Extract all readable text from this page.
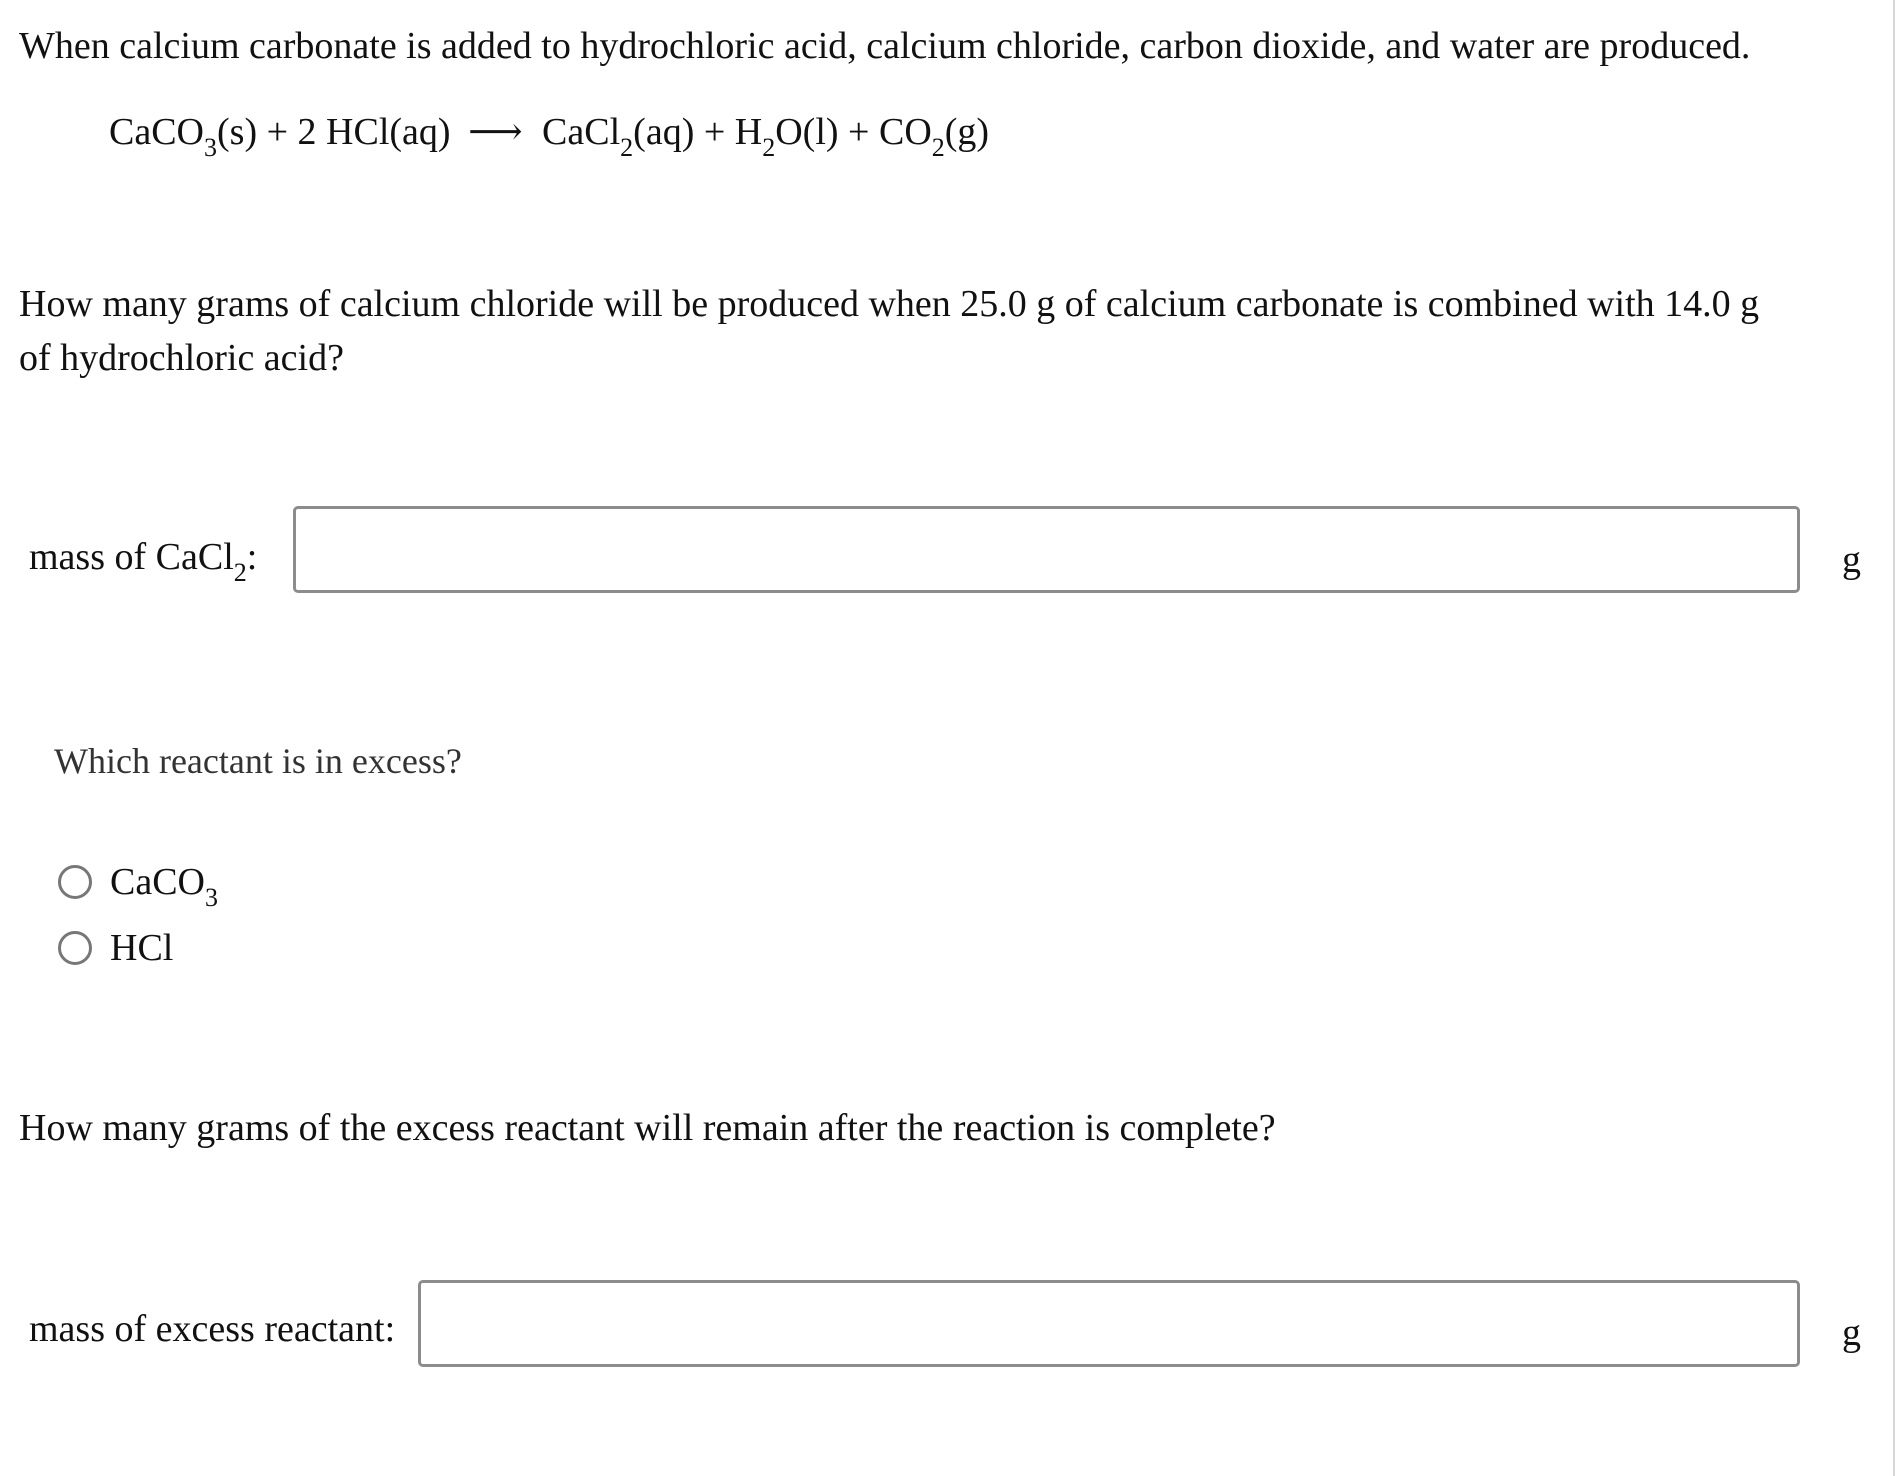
When calcium carbonate is added to hydrochloric acid, calcium chloride, carbon dioxide, and water are produced.

CaCO$_3$(s) + 2 HCl(aq) ⟶ CaCl$_2$(aq) + $H_2O(l) + CO_2(g)$

How many grams of calcium chloride will be produced when 25.0 g of calcium carbonate is combined with 14.0 g of hydrochloric acid?

mass of CaCl$_2$:	g

Which reactant is in excess?

CaCO$_3$
HCl

How many grams of the excess reactant will remain after the reaction is complete?

mass of excess reactant:	g
